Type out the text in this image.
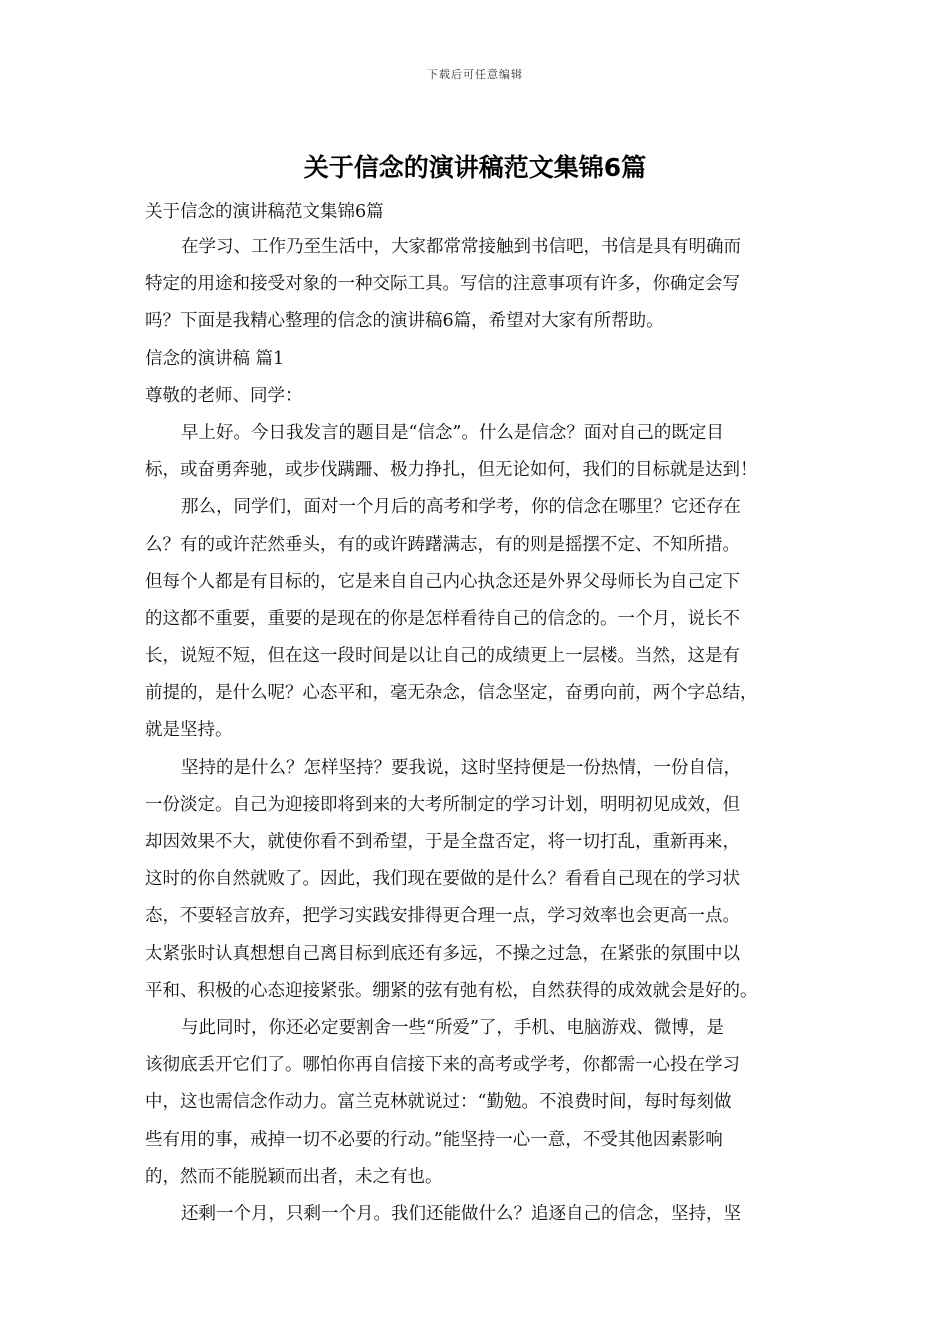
下载后可任意编辑
关于信念的演讲稿范文集锦6篇
关于信念的演讲稿范文集锦6篇
在学习、工作乃至生活中，大家都常常接触到书信吧，书信是具有明确而
特定的用途和接受对象的一种交际工具。写信的注意事项有许多，你确定会写
吗？下面是我精心整理的信念的演讲稿6篇，希望对大家有所帮助。
信念的演讲稿 篇1
尊敬的老师、同学：
早上好。今日我发言的题目是“信念”。什么是信念？面对自己的既定目
标，或奋勇奔驰，或步伐蹒跚、极力挣扎，但无论如何，我们的目标就是达到！
那么，同学们，面对一个月后的高考和学考，你的信念在哪里？它还存在
么？有的或许茫然垂头，有的或许踌躇满志，有的则是摇摆不定、不知所措。
但每个人都是有目标的，它是来自自己内心执念还是外界父母师长为自己定下
的这都不重要，重要的是现在的你是怎样看待自己的信念的。一个月，说长不
长，说短不短，但在这一段时间是以让自己的成绩更上一层楼。当然，这是有
前提的，是什么呢？心态平和，毫无杂念，信念坚定，奋勇向前，两个字总结，
就是坚持。
坚持的是什么？怎样坚持？要我说，这时坚持便是一份热情，一份自信，
一份淡定。自己为迎接即将到来的大考所制定的学习计划，明明初见成效，但
却因效果不大，就使你看不到希望，于是全盘否定，将一切打乱，重新再来，
这时的你自然就败了。因此，我们现在要做的是什么？看看自己现在的学习状
态，不要轻言放弃，把学习实践安排得更合理一点，学习效率也会更高一点。
太紧张时认真想想自己离目标到底还有多远，不操之过急，在紧张的氛围中以
平和、积极的心态迎接紧张。绷紧的弦有弛有松，自然获得的成效就会是好的。
与此同时，你还必定要割舍一些“所爱”了，手机、电脑游戏、微博，是
该彻底丢开它们了。哪怕你再自信接下来的高考或学考，你都需一心投在学习
中，这也需信念作动力。富兰克林就说过：“勤勉。不浪费时间，每时每刻做
些有用的事，戒掉一切不必要的行动。”能坚持一心一意，不受其他因素影响
的，然而不能脱颖而出者，未之有也。
还剩一个月，只剩一个月。我们还能做什么？追逐自己的信念，坚持，坚
